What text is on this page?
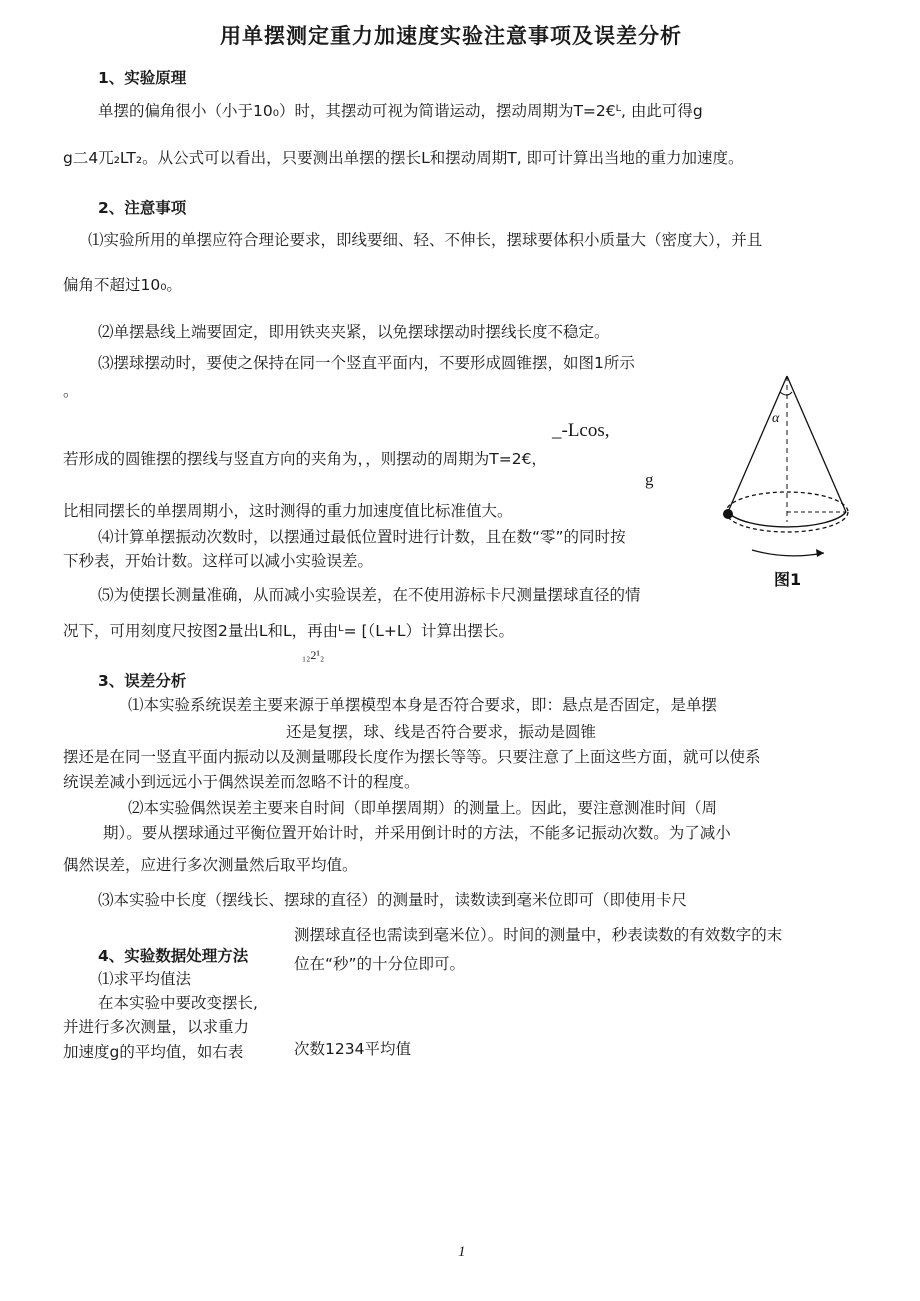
用单摆测定重力加速度实验注意事项及误差分析
1、实验原理
单摆的偏角很小（小于10₀）时，其摆动可视为简谐运动，摆动周期为T=2€ᴸ, 由此可得g
g二4兀₂LT₂。从公式可以看出，只要测出单摆的摆长L和摆动周期T, 即可计算出当地的重力加速度。
2、注意事项
⑴实验所用的单摆应符合理论要求，即线要细、轻、不伸长，摆球要体积小质量大（密度大），并且
偏角不超过10₀。
⑵单摆悬线上端要固定，即用铁夹夹紧，以免摆球摆动时摆线长度不稳定。
⑶摆球摆动时，要使之保持在同一个竖直平面内，不要形成圆锥摆，如图1所示
。
_-Lcos,
若形成的圆锥摆的摆线与竖直方向的夹角为，，则摆动的周期为T=2€，
g
比相同摆长的单摆周期小，这时测得的重力加速度值比标准值大。
⑷计算单摆振动次数时，以摆通过最低位置时进行计数，且在数“零”的同时按
下秒表，开始计数。这样可以减小实验误差。
⑸为使摆长测量准确，从而减小实验误差，在不使用游标卡尺测量摆球直径的情
况下，可用刻度尺按图2量出L和L，再由ᴸ= [（L+L）计算出摆长。
₁₂2¹₂
α
图1
3、误差分析
⑴本实验系统误差主要来源于单摆模型本身是否符合要求，即：悬点是否固定，是单摆
还是复摆，球、线是否符合要求，振动是圆锥
摆还是在同一竖直平面内振动以及测量哪段长度作为摆长等等。只要注意了上面这些方面，就可以使系
统误差减小到远远小于偶然误差而忽略不计的程度。
⑵本实验偶然误差主要来自时间（即单摆周期）的测量上。因此，要注意测准时间（周
期）。要从摆球通过平衡位置开始计时，并采用倒计时的方法，不能多记振动次数。为了减小
偶然误差，应进行多次测量然后取平均值。
⑶本实验中长度（摆线长、摆球的直径）的测量时，读数读到毫米位即可（即使用卡尺
测摆球直径也需读到毫米位）。时间的测量中，秒表读数的有效数字的末
位在“秒”的十分位即可。
4、实验数据处理方法
⑴求平均值法
在本实验中要改变摆长,
并进行多次测量，以求重力
加速度g的平均值，如右表	次数1234平均值
1
